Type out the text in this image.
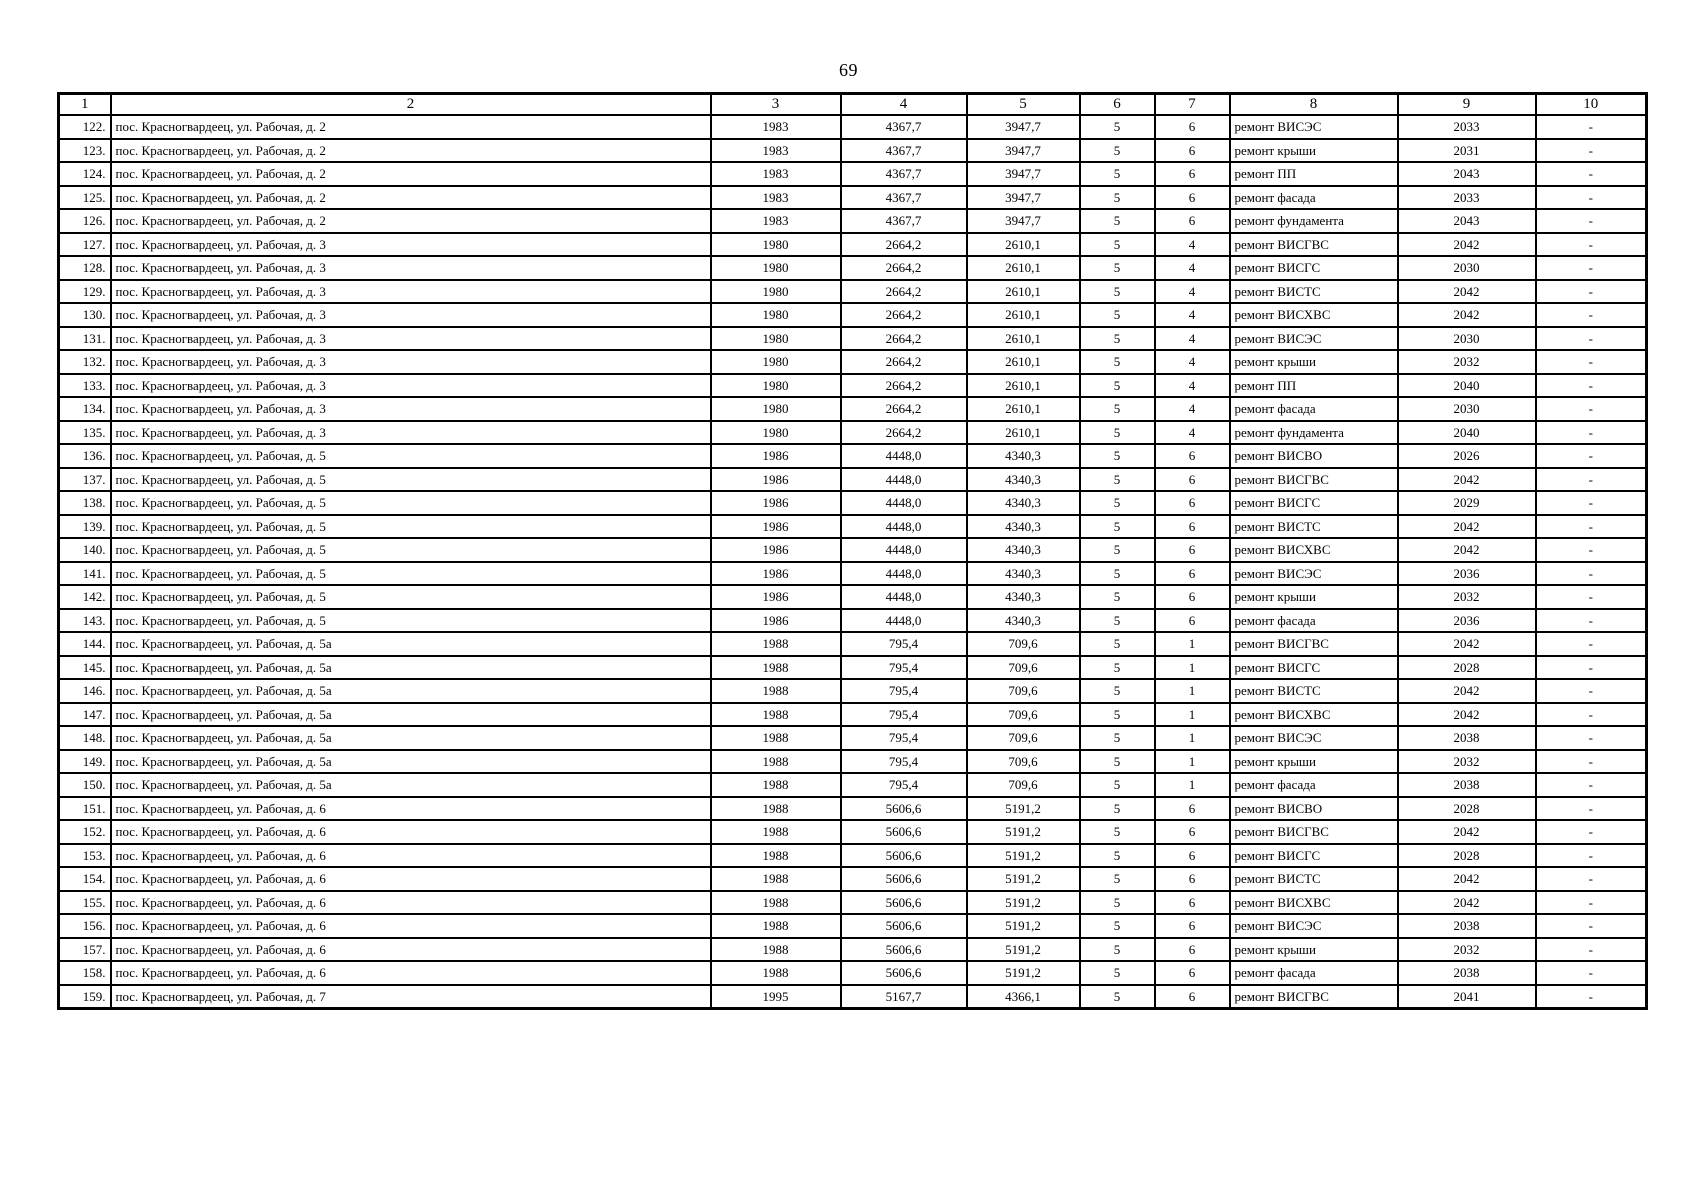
69
1	2	3	4	5	6	7	8	9	10
122.	пос. Красногвардеец, ул. Рабочая, д. 2	1983	4367,7	3947,7	5	6	ремонт ВИСЭС	2033	-
123.	пос. Красногвардеец, ул. Рабочая, д. 2	1983	4367,7	3947,7	5	6	ремонт крыши	2031	-
124.	пос. Красногвардеец, ул. Рабочая, д. 2	1983	4367,7	3947,7	5	6	ремонт ПП	2043	-
125.	пос. Красногвардеец, ул. Рабочая, д. 2	1983	4367,7	3947,7	5	6	ремонт фасада	2033	-
126.	пос. Красногвардеец, ул. Рабочая, д. 2	1983	4367,7	3947,7	5	6	ремонт фундамента	2043	-
127.	пос. Красногвардеец, ул. Рабочая, д. 3	1980	2664,2	2610,1	5	4	ремонт ВИСГВС	2042	-
128.	пос. Красногвардеец, ул. Рабочая, д. 3	1980	2664,2	2610,1	5	4	ремонт ВИСГС	2030	-
129.	пос. Красногвардеец, ул. Рабочая, д. 3	1980	2664,2	2610,1	5	4	ремонт ВИСТС	2042	-
130.	пос. Красногвардеец, ул. Рабочая, д. 3	1980	2664,2	2610,1	5	4	ремонт ВИСХВС	2042	-
131.	пос. Красногвардеец, ул. Рабочая, д. 3	1980	2664,2	2610,1	5	4	ремонт ВИСЭС	2030	-
132.	пос. Красногвардеец, ул. Рабочая, д. 3	1980	2664,2	2610,1	5	4	ремонт крыши	2032	-
133.	пос. Красногвардеец, ул. Рабочая, д. 3	1980	2664,2	2610,1	5	4	ремонт ПП	2040	-
134.	пос. Красногвардеец, ул. Рабочая, д. 3	1980	2664,2	2610,1	5	4	ремонт фасада	2030	-
135.	пос. Красногвардеец, ул. Рабочая, д. 3	1980	2664,2	2610,1	5	4	ремонт фундамента	2040	-
136.	пос. Красногвардеец, ул. Рабочая, д. 5	1986	4448,0	4340,3	5	6	ремонт ВИСВО	2026	-
137.	пос. Красногвардеец, ул. Рабочая, д. 5	1986	4448,0	4340,3	5	6	ремонт ВИСГВС	2042	-
138.	пос. Красногвардеец, ул. Рабочая, д. 5	1986	4448,0	4340,3	5	6	ремонт ВИСГС	2029	-
139.	пос. Красногвардеец, ул. Рабочая, д. 5	1986	4448,0	4340,3	5	6	ремонт ВИСТС	2042	-
140.	пос. Красногвардеец, ул. Рабочая, д. 5	1986	4448,0	4340,3	5	6	ремонт ВИСХВС	2042	-
141.	пос. Красногвардеец, ул. Рабочая, д. 5	1986	4448,0	4340,3	5	6	ремонт ВИСЭС	2036	-
142.	пос. Красногвардеец, ул. Рабочая, д. 5	1986	4448,0	4340,3	5	6	ремонт крыши	2032	-
143.	пос. Красногвардеец, ул. Рабочая, д. 5	1986	4448,0	4340,3	5	6	ремонт фасада	2036	-
144.	пос. Красногвардеец, ул. Рабочая, д. 5а	1988	795,4	709,6	5	1	ремонт ВИСГВС	2042	-
145.	пос. Красногвардеец, ул. Рабочая, д. 5а	1988	795,4	709,6	5	1	ремонт ВИСГС	2028	-
146.	пос. Красногвардеец, ул. Рабочая, д. 5а	1988	795,4	709,6	5	1	ремонт ВИСТС	2042	-
147.	пос. Красногвардеец, ул. Рабочая, д. 5а	1988	795,4	709,6	5	1	ремонт ВИСХВС	2042	-
148.	пос. Красногвардеец, ул. Рабочая, д. 5а	1988	795,4	709,6	5	1	ремонт ВИСЭС	2038	-
149.	пос. Красногвардеец, ул. Рабочая, д. 5а	1988	795,4	709,6	5	1	ремонт крыши	2032	-
150.	пос. Красногвардеец, ул. Рабочая, д. 5а	1988	795,4	709,6	5	1	ремонт фасада	2038	-
151.	пос. Красногвардеец, ул. Рабочая, д. 6	1988	5606,6	5191,2	5	6	ремонт ВИСВО	2028	-
152.	пос. Красногвардеец, ул. Рабочая, д. 6	1988	5606,6	5191,2	5	6	ремонт ВИСГВС	2042	-
153.	пос. Красногвардеец, ул. Рабочая, д. 6	1988	5606,6	5191,2	5	6	ремонт ВИСГС	2028	-
154.	пос. Красногвардеец, ул. Рабочая, д. 6	1988	5606,6	5191,2	5	6	ремонт ВИСТС	2042	-
155.	пос. Красногвардеец, ул. Рабочая, д. 6	1988	5606,6	5191,2	5	6	ремонт ВИСХВС	2042	-
156.	пос. Красногвардеец, ул. Рабочая, д. 6	1988	5606,6	5191,2	5	6	ремонт ВИСЭС	2038	-
157.	пос. Красногвардеец, ул. Рабочая, д. 6	1988	5606,6	5191,2	5	6	ремонт крыши	2032	-
158.	пос. Красногвардеец, ул. Рабочая, д. 6	1988	5606,6	5191,2	5	6	ремонт фасада	2038	-
159.	пос. Красногвардеец, ул. Рабочая, д. 7	1995	5167,7	4366,1	5	6	ремонт ВИСГВС	2041	-
